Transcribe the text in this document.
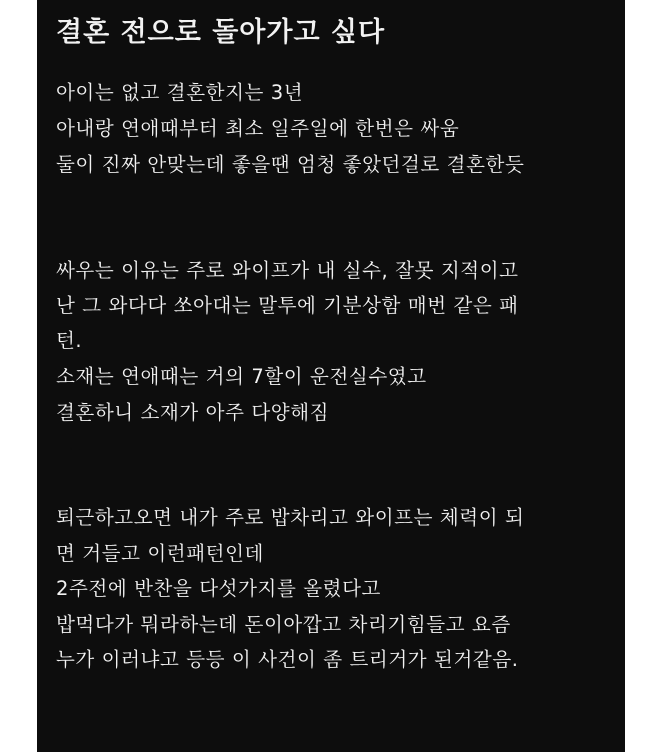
결혼 전으로 돌아가고 싶다
아이는 없고 결혼한지는 3년
아내랑 연애때부터 최소 일주일에 한번은 싸움
둘이 진짜 안맞는데 좋을땐 엄청 좋았던걸로 결혼한듯
싸우는 이유는 주로 와이프가 내 실수, 잘못 지적이고
난 그 와다다 쏘아대는 말투에 기분상함 매번 같은 패
턴.
소재는 연애때는 거의 7할이 운전실수였고
결혼하니 소재가 아주 다양해짐
퇴근하고오면 내가 주로 밥차리고 와이프는 체력이 되
면 거들고 이런패턴인데
2주전에 반찬을 다섯가지를 올렸다고
밥먹다가 뭐라하는데 돈이아깝고 차리기힘들고 요즘
누가 이러냐고 등등 이 사건이 좀 트리거가 된거같음.
